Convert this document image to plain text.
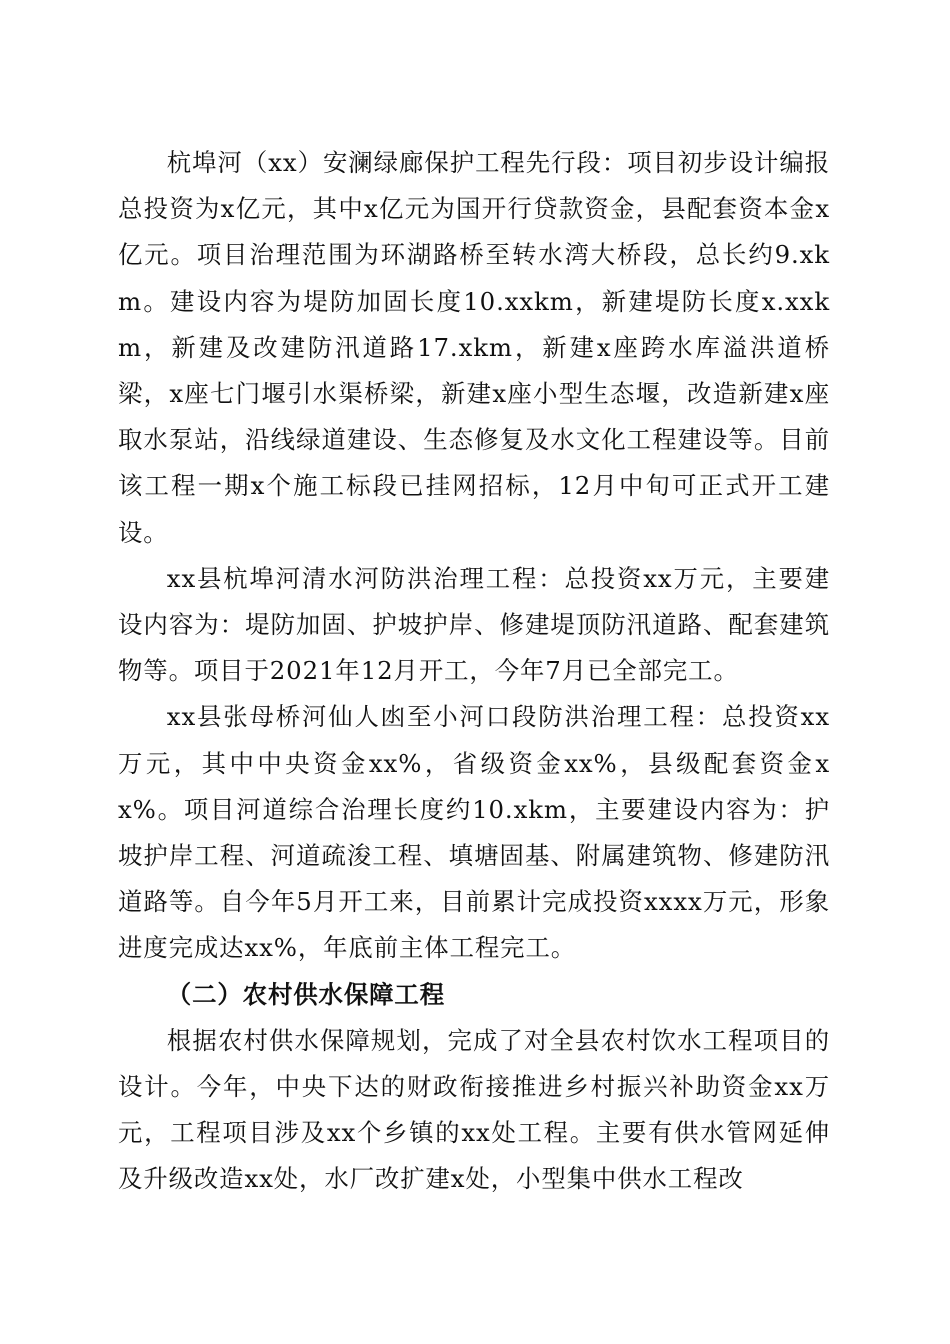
杭埠河（xx）安澜绿廊保护工程先行段：项目初步设计编报总投资为x亿元，其中x亿元为国开行贷款资金，县配套资本金x亿元。项目治理范围为环湖路桥至转水湾大桥段，总长约9.xkm。建设内容为堤防加固长度10.xxkm，新建堤防长度x.xxkm，新建及改建防汛道路17.xkm，新建x座跨水库溢洪道桥梁，x座七门堰引水渠桥梁，新建x座小型生态堰，改造新建x座取水泵站，沿线绿道建设、生态修复及水文化工程建设等。目前该工程一期x个施工标段已挂网招标，12月中旬可正式开工建设。

xx县杭埠河清水河防洪治理工程：总投资xx万元，主要建设内容为：堤防加固、护坡护岸、修建堤顶防汛道路、配套建筑物等。项目于2021年12月开工，今年7月已全部完工。

xx县张母桥河仙人凼至小河口段防洪治理工程：总投资xx万元，其中中央资金xx%，省级资金xx%，县级配套资金xx%。项目河道综合治理长度约10.xkm，主要建设内容为：护坡护岸工程、河道疏浚工程、填塘固基、附属建筑物、修建防汛道路等。自今年5月开工来，目前累计完成投资xxxx万元，形象进度完成达xx%，年底前主体工程完工。

（二）农村供水保障工程

根据农村供水保障规划，完成了对全县农村饮水工程项目的设计。今年，中央下达的财政衔接推进乡村振兴补助资金xx万元，工程项目涉及xx个乡镇的xx处工程。主要有供水管网延伸及升级改造xx处，水厂改扩建x处，小型集中供水工程改
